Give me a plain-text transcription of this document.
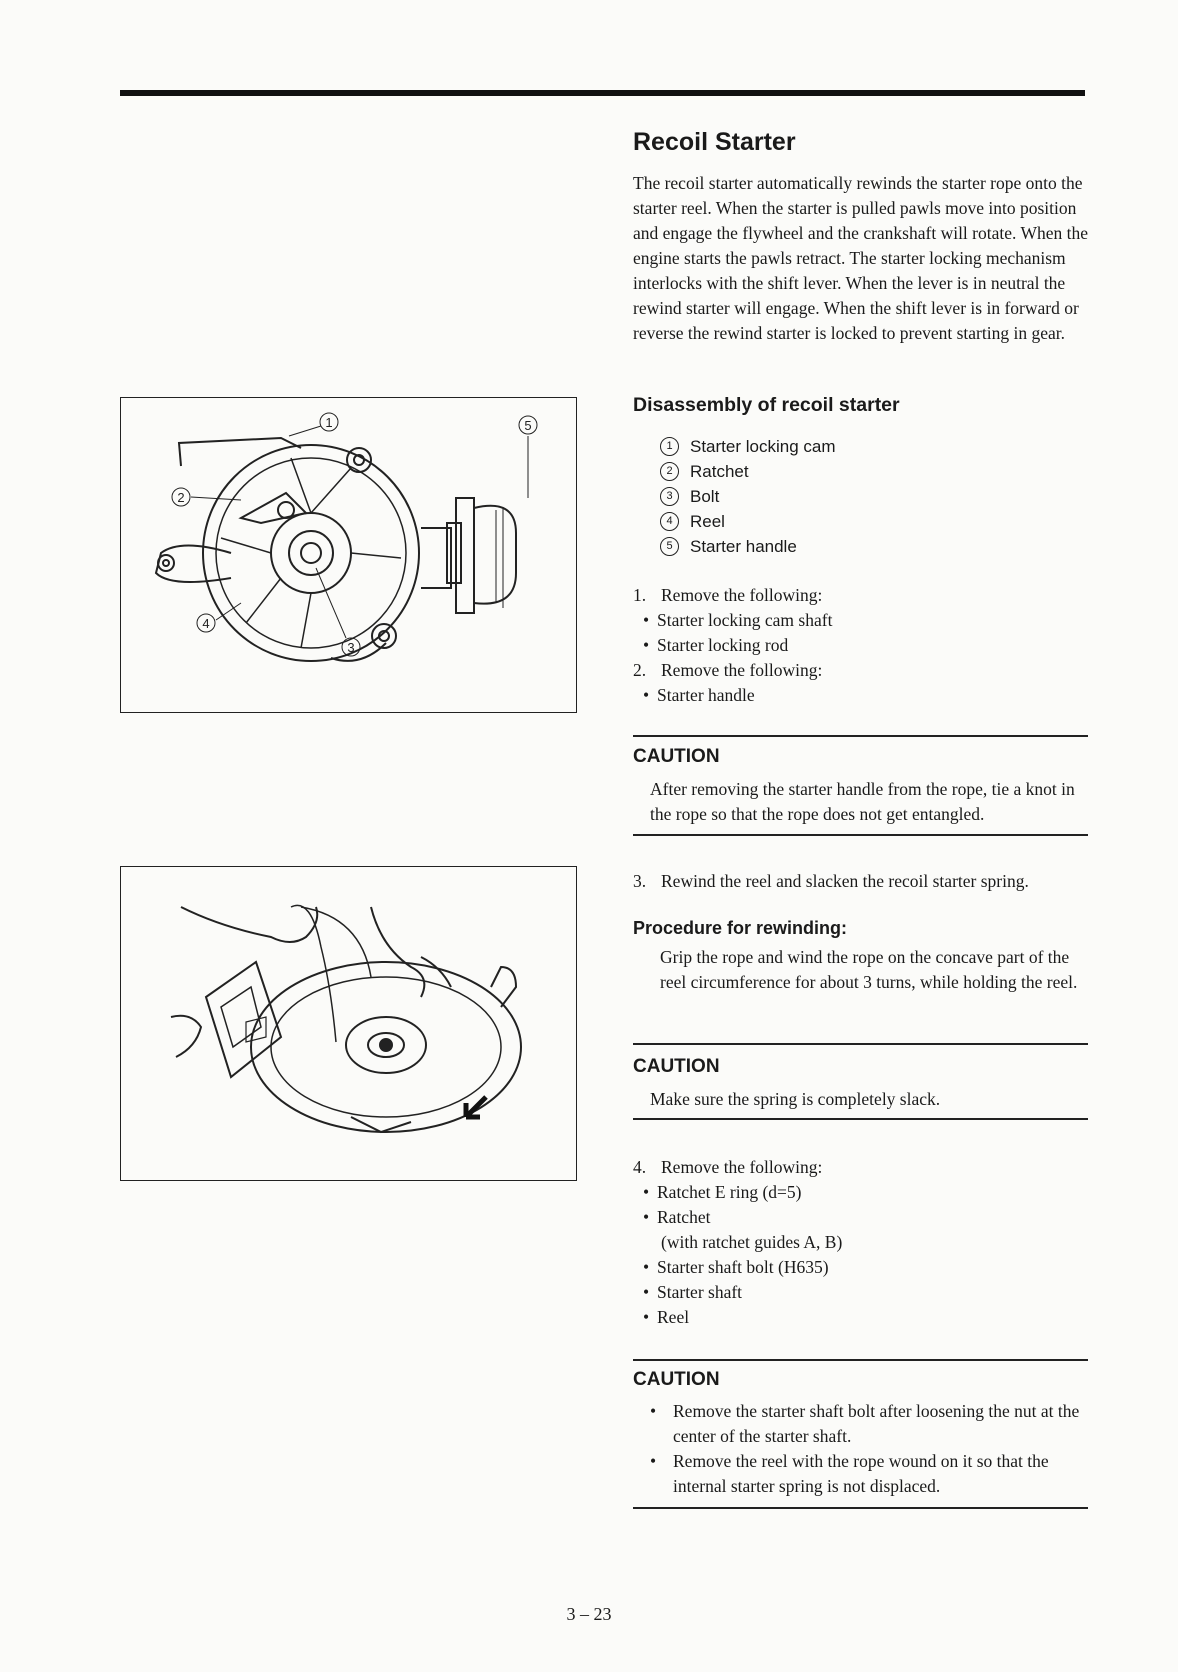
Recoil Starter

The recoil starter automatically rewinds the starter rope onto the starter reel. When the starter is pulled pawls move into position and engage the flywheel and the crankshaft will rotate. When the engine starts the pawls retract. The starter locking mechanism interlocks with the shift lever. When the lever is in neutral the rewind starter will engage. When the shift lever is in forward or reverse the rewind starter is locked to prevent starting in gear.

1
2
3
4
5
Disassembly of recoil starter
1	Starter locking cam
2	Ratchet
3	Bolt
4	Reel
5	Starter handle
1. Remove the following:
• Starter locking cam shaft
• Starter locking rod
2. Remove the following:
• Starter handle
CAUTION

After removing the starter handle from the rope, tie a knot in the rope so that the rope does not get entangled.

3. Rewind the reel and slacken the recoil starter spring.
Procedure for rewinding:

Grip the rope and wind the rope on the concave part of the reel circumference for about 3 turns, while holding the reel.

CAUTION

Make sure the spring is completely slack.

4. Remove the following:
• Ratchet E ring (d=5)
• Ratchet
(with ratchet guides A, B)
• Starter shaft bolt (H635)
• Starter shaft
• Reel
CAUTION
• Remove the starter shaft bolt after loosening the nut at the center of the starter shaft.
• Remove the reel with the rope wound on it so that the internal starter spring is not displaced.
3 – 23
